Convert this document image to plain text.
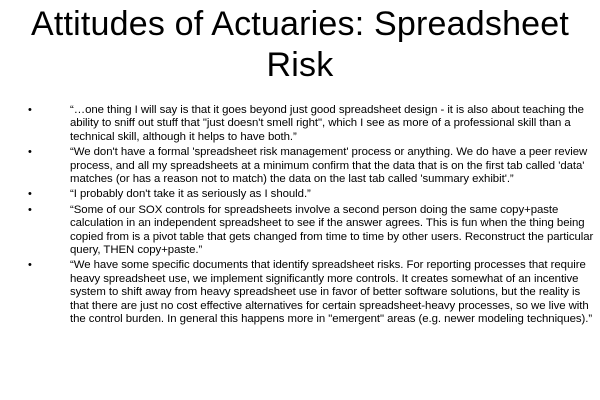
Attitudes of Actuaries: Spreadsheet Risk
•	“…one thing I will say is that it goes beyond just good spreadsheet design - it is also about teaching the ability to sniff out stuff that "just doesn't smell right", which I see as more of a professional skill than a technical skill, although it helps to have both.”
•	“We don't have a formal 'spreadsheet risk management' process or anything. We do have a peer review process, and all my spreadsheets at a minimum confirm that the data that is on the first tab called 'data' matches (or has a reason not to match) the data on the last tab called 'summary exhibit'.”
•	“I probably don't take it as seriously as I should.”
•	“Some of our SOX controls for spreadsheets involve a second person doing the same copy+paste calculation in an independent spreadsheet to see if the answer agrees. This is fun when the thing being copied from is a pivot table that gets changed from time to time by other users. Reconstruct the particular query, THEN copy+paste.”
•	“We have some specific documents that identify spreadsheet risks. For reporting processes that require heavy spreadsheet use, we implement significantly more controls. It creates somewhat of an incentive system to shift away from heavy spreadsheet use in favor of better software solutions, but the reality is that there are just no cost effective alternatives for certain spreadsheet-heavy processes, so we live with the control burden. In general this happens more in "emergent" areas (e.g. newer modeling techniques).”
